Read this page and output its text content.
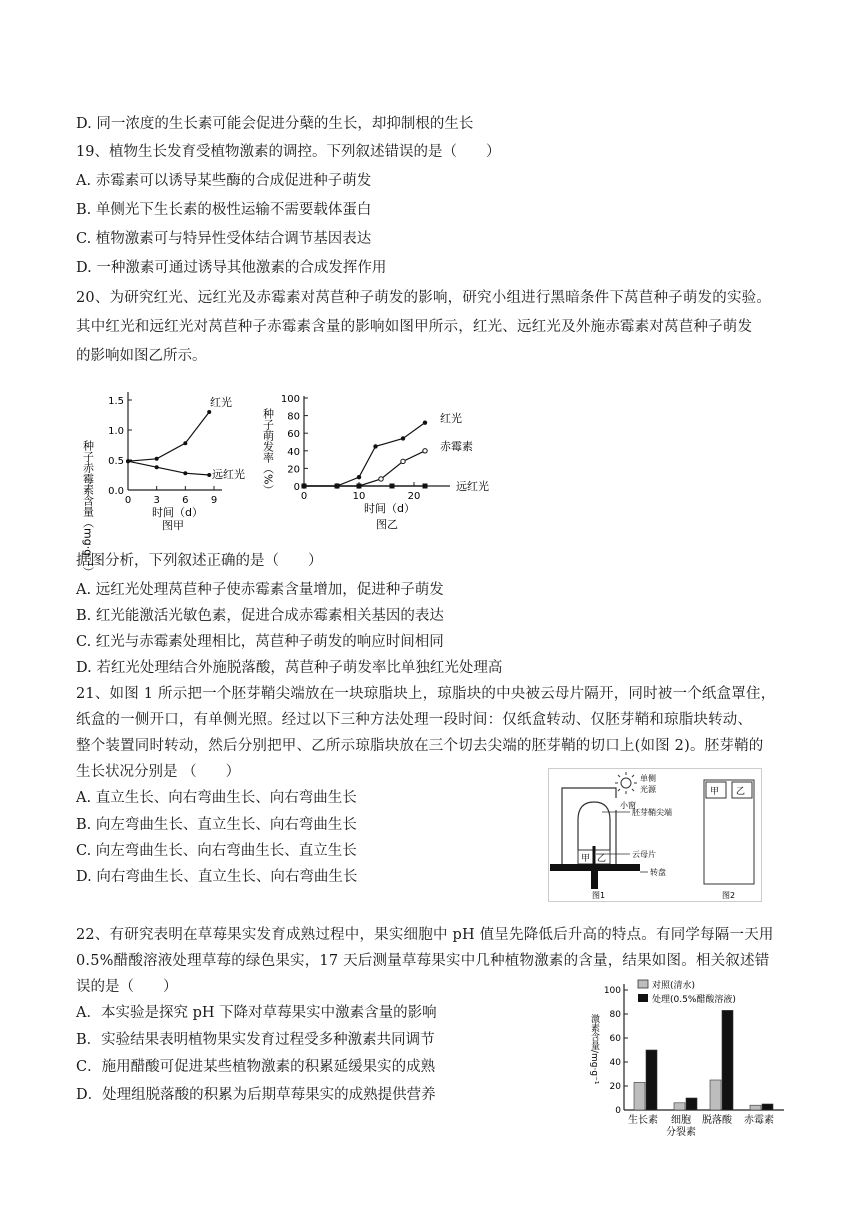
D. 同一浓度的生长素可能会促进分蘖的生长，却抑制根的生长
19、植物生长发育受植物激素的调控。下列叙述错误的是（　　）
A. 赤霉素可以诱导某些酶的合成促进种子萌发
B. 单侧光下生长素的极性运输不需要载体蛋白
C. 植物激素可与特异性受体结合调节基因表达
D. 一种激素可通过诱导其他激素的合成发挥作用
20、为研究红光、远红光及赤霉素对莴苣种子萌发的影响，研究小组进行黑暗条件下莴苣种子萌发的实验。
其中红光和远红光对莴苣种子赤霉素含量的影响如图甲所示，红光、远红光及外施赤霉素对莴苣种子萌发
的影响如图乙所示。
种子赤霉素含量（mg·g⁻¹）
1.5
1.0
0.5
0.0
0 3 6 9
红光
远红光
时间（d）
图甲
种子萌发率（%）
100
80
60
40
20
0
0	10	20
红光
赤霉素
远红光
时间（d）
图乙
据图分析，下列叙述正确的是（　　）
A. 远红光处理莴苣种子使赤霉素含量增加，促进种子萌发
B. 红光能激活光敏色素，促进合成赤霉素相关基因的表达
C. 红光与赤霉素处理相比，莴苣种子萌发的响应时间相同
D. 若红光处理结合外施脱落酸，莴苣种子萌发率比单独红光处理高
21、如图 1 所示把一个胚芽鞘尖端放在一块琼脂块上，琼脂块的中央被云母片隔开，同时被一个纸盒罩住，
纸盒的一侧开口，有单侧光照。经过以下三种方法处理一段时间：仅纸盒转动、仅胚芽鞘和琼脂块转动、
整个装置同时转动，然后分别把甲、乙所示琼脂块放在三个切去尖端的胚芽鞘的切口上(如图 2)。胚芽鞘的
生长状况分别是 （　　）
A. 直立生长、向右弯曲生长、向右弯曲生长
B. 向左弯曲生长、直立生长、向右弯曲生长
C. 向左弯曲生长、向右弯曲生长、直立生长
D. 向右弯曲生长、直立生长、向右弯曲生长
单侧
光源
小窗
胚芽鞘尖端
甲 乙	云母片
转盘
图1
甲 乙
图2
22、有研究表明在草莓果实发育成熟过程中，果实细胞中 pH 值呈先降低后升高的特点。有同学每隔一天用
0.5%醋酸溶液处理草莓的绿色果实，17 天后测量草莓果实中几种植物激素的含量，结果如图。相关叙述错
误的是（　　）
A．本实验是探究 pH 下降对草莓果实中激素含量的影响
B．实验结果表明植物果实发育过程受多种激素共同调节
C．施用醋酸可促进某些植物激素的积累延缓果实的成熟
D．处理组脱落酸的积累为后期草莓果实的成熟提供营养
对照(清水)
处理(0.5%醋酸溶液)
激素含量/mg·g⁻¹
100
80
60
40
20
0
生长素 细胞
分裂素
脱落酸 赤霉素
